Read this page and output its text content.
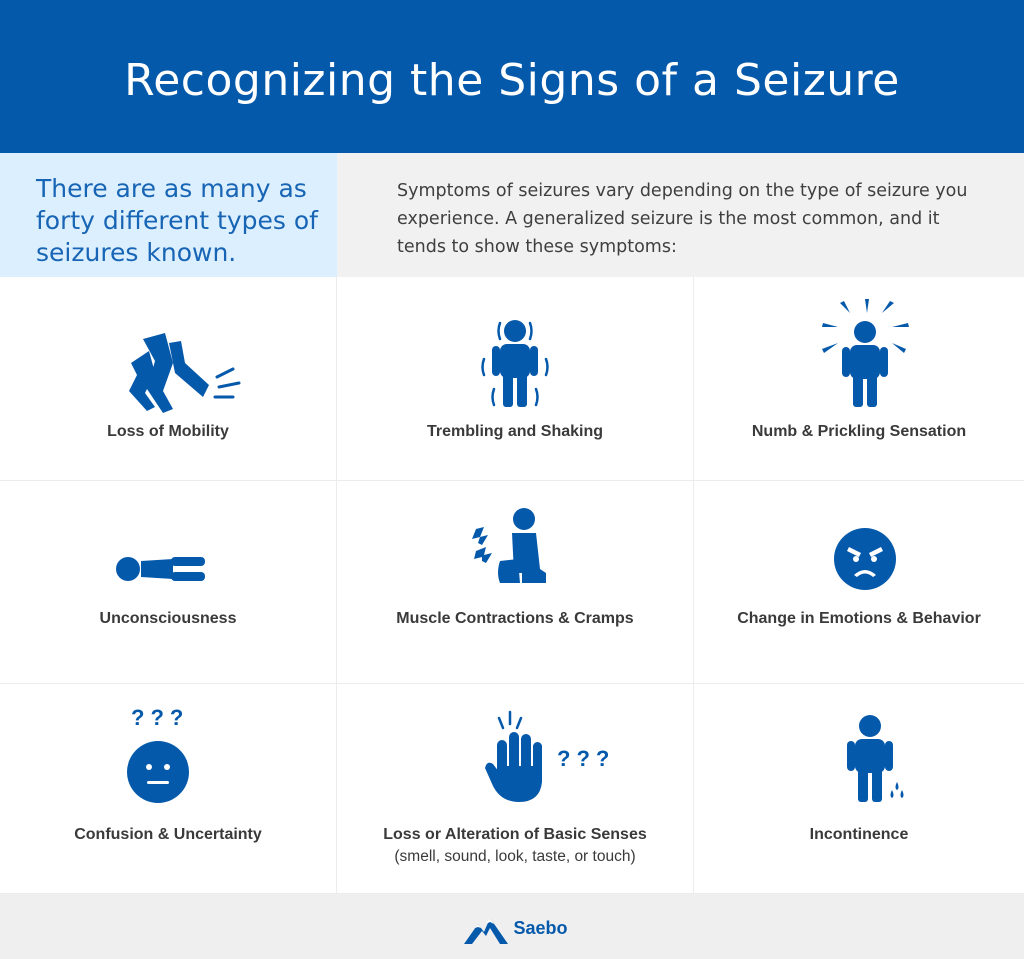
Recognizing the Signs of a Seizure

There are as many as forty different types of seizures known.

Symptoms of seizures vary depending on the type of seizure you experience. A generalized seizure is the most common, and it tends to show these symptoms:

Loss of Mobility	Trembling and Shaking	Numb & Prickling Sensation
Unconsciousness	Muscle Contractions & Cramps	Change in Emotions & Behavior
Confusion & Uncertainty	Loss or Alteration of Basic Senses
(smell, sound, look, taste, or touch)
Incontinence
???
???
Saebo
